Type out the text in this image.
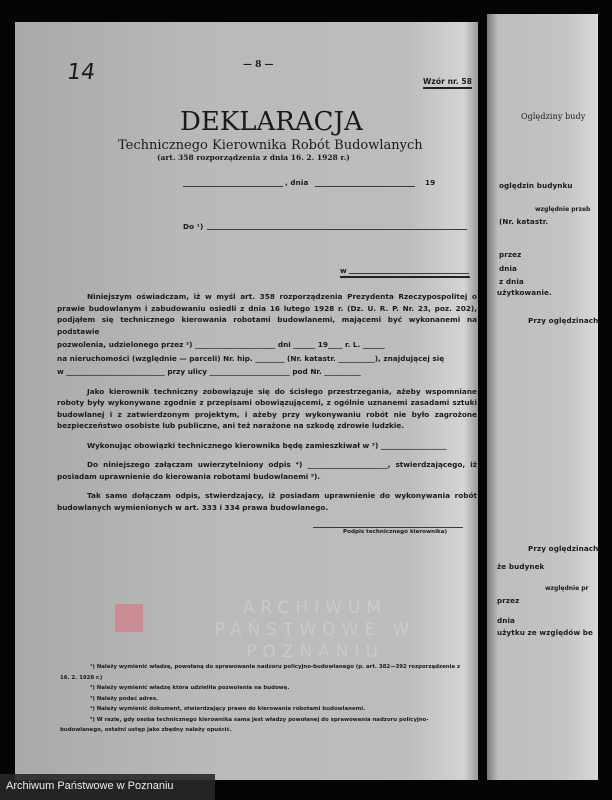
14	— 8 —
Wzór nr. 58
DEKLARACJA
Technicznego Kierownika Robót Budowlanych
(art. 358 rozporządzenia z dnia 16. 2. 1928 r.)
, dnia	19
Do ¹)
w
Niniejszym oświadczam, iż w myśl art. 358 rozporządzenia Prezydenta Rzeczypospolitej o prawie budowlanym i zabudowaniu osiedli z dnia 16 lutego 1928 r. (Dz. U. R. P. Nr. 23, poz. 202), podjąłem się technicznego kierowania robotami budowlanemi, mającemi być wykonanemi na podstawie
pozwolenia, udzielonego przez ²) ______________________ dni ______ 19____ r. L. ______
na nieruchomości (względnie — parceli) Nr. hip. ________ (Nr. katastr. __________), znajdującej się
w ___________________________ przy ulicy ______________________ pod Nr. __________
Jako kierownik techniczny zobowiązuje się do ścisłego przestrzegania, ażeby wspomniane roboty były wykonywane zgodnie z przepisami obowiązującemi, z ogólnie uznanemi zasadami sztuki budowlanej i z zatwierdzonym projektym, i ażeby przy wykonywaniu robót nie było zagrożone bezpieczeństwo osobiste lub publiczne, ani też narażone na szkodę zdrowie ludzkie.
Wykonując obowiązki technicznego kierownika będę zamieszkiwał w ³) __________________
Do niniejszego załączam uwierzytelniony odpis ⁴) ______________________, stwierdzającego, iż posiadam uprawnienie do kierowania robotami budowlanemi ⁵).
Tak samo dołączam odpis, stwierdzający, iż posiadam uprawnienie do wykonywania robót budowlanych wymienionych w art. 333 i 334 prawa budowlanego.
Podpis technicznego kierownika)
ARCHIWUM PAŃSTWOWE W POZNANIU
¹) Należy wymienić władzę, powołaną do sprawowania nadzoru policyjno-budowlanego (p. art. 382—392 rozporządzenia z 16. 2. 1928 r.)
²) Należy wymienić władzę która udzieliła pozwolenia na budowę.
³) Należy podać adres.
⁴) Należy wymienić dokument, stwierdzający prawo do kierowania robotami budowlanemi.
⁵) W razie, gdy osoba technicznego kierownika sama jest władzy powołanej do sprawowania nadzoru policyjno-budowlanego, ostatni ustęp jako zbędny należy opuścić.
Oględziny budy
oględzin budynku
względnie przeb
(Nr. katastr.
przez
dnia
z dnia
użytkowanie.
Przy oględzinach
Przy oględzinach
że budynek
względnie pr
przez
dnia
użytku ze względów be
Archiwum Państwowe w Poznaniu
